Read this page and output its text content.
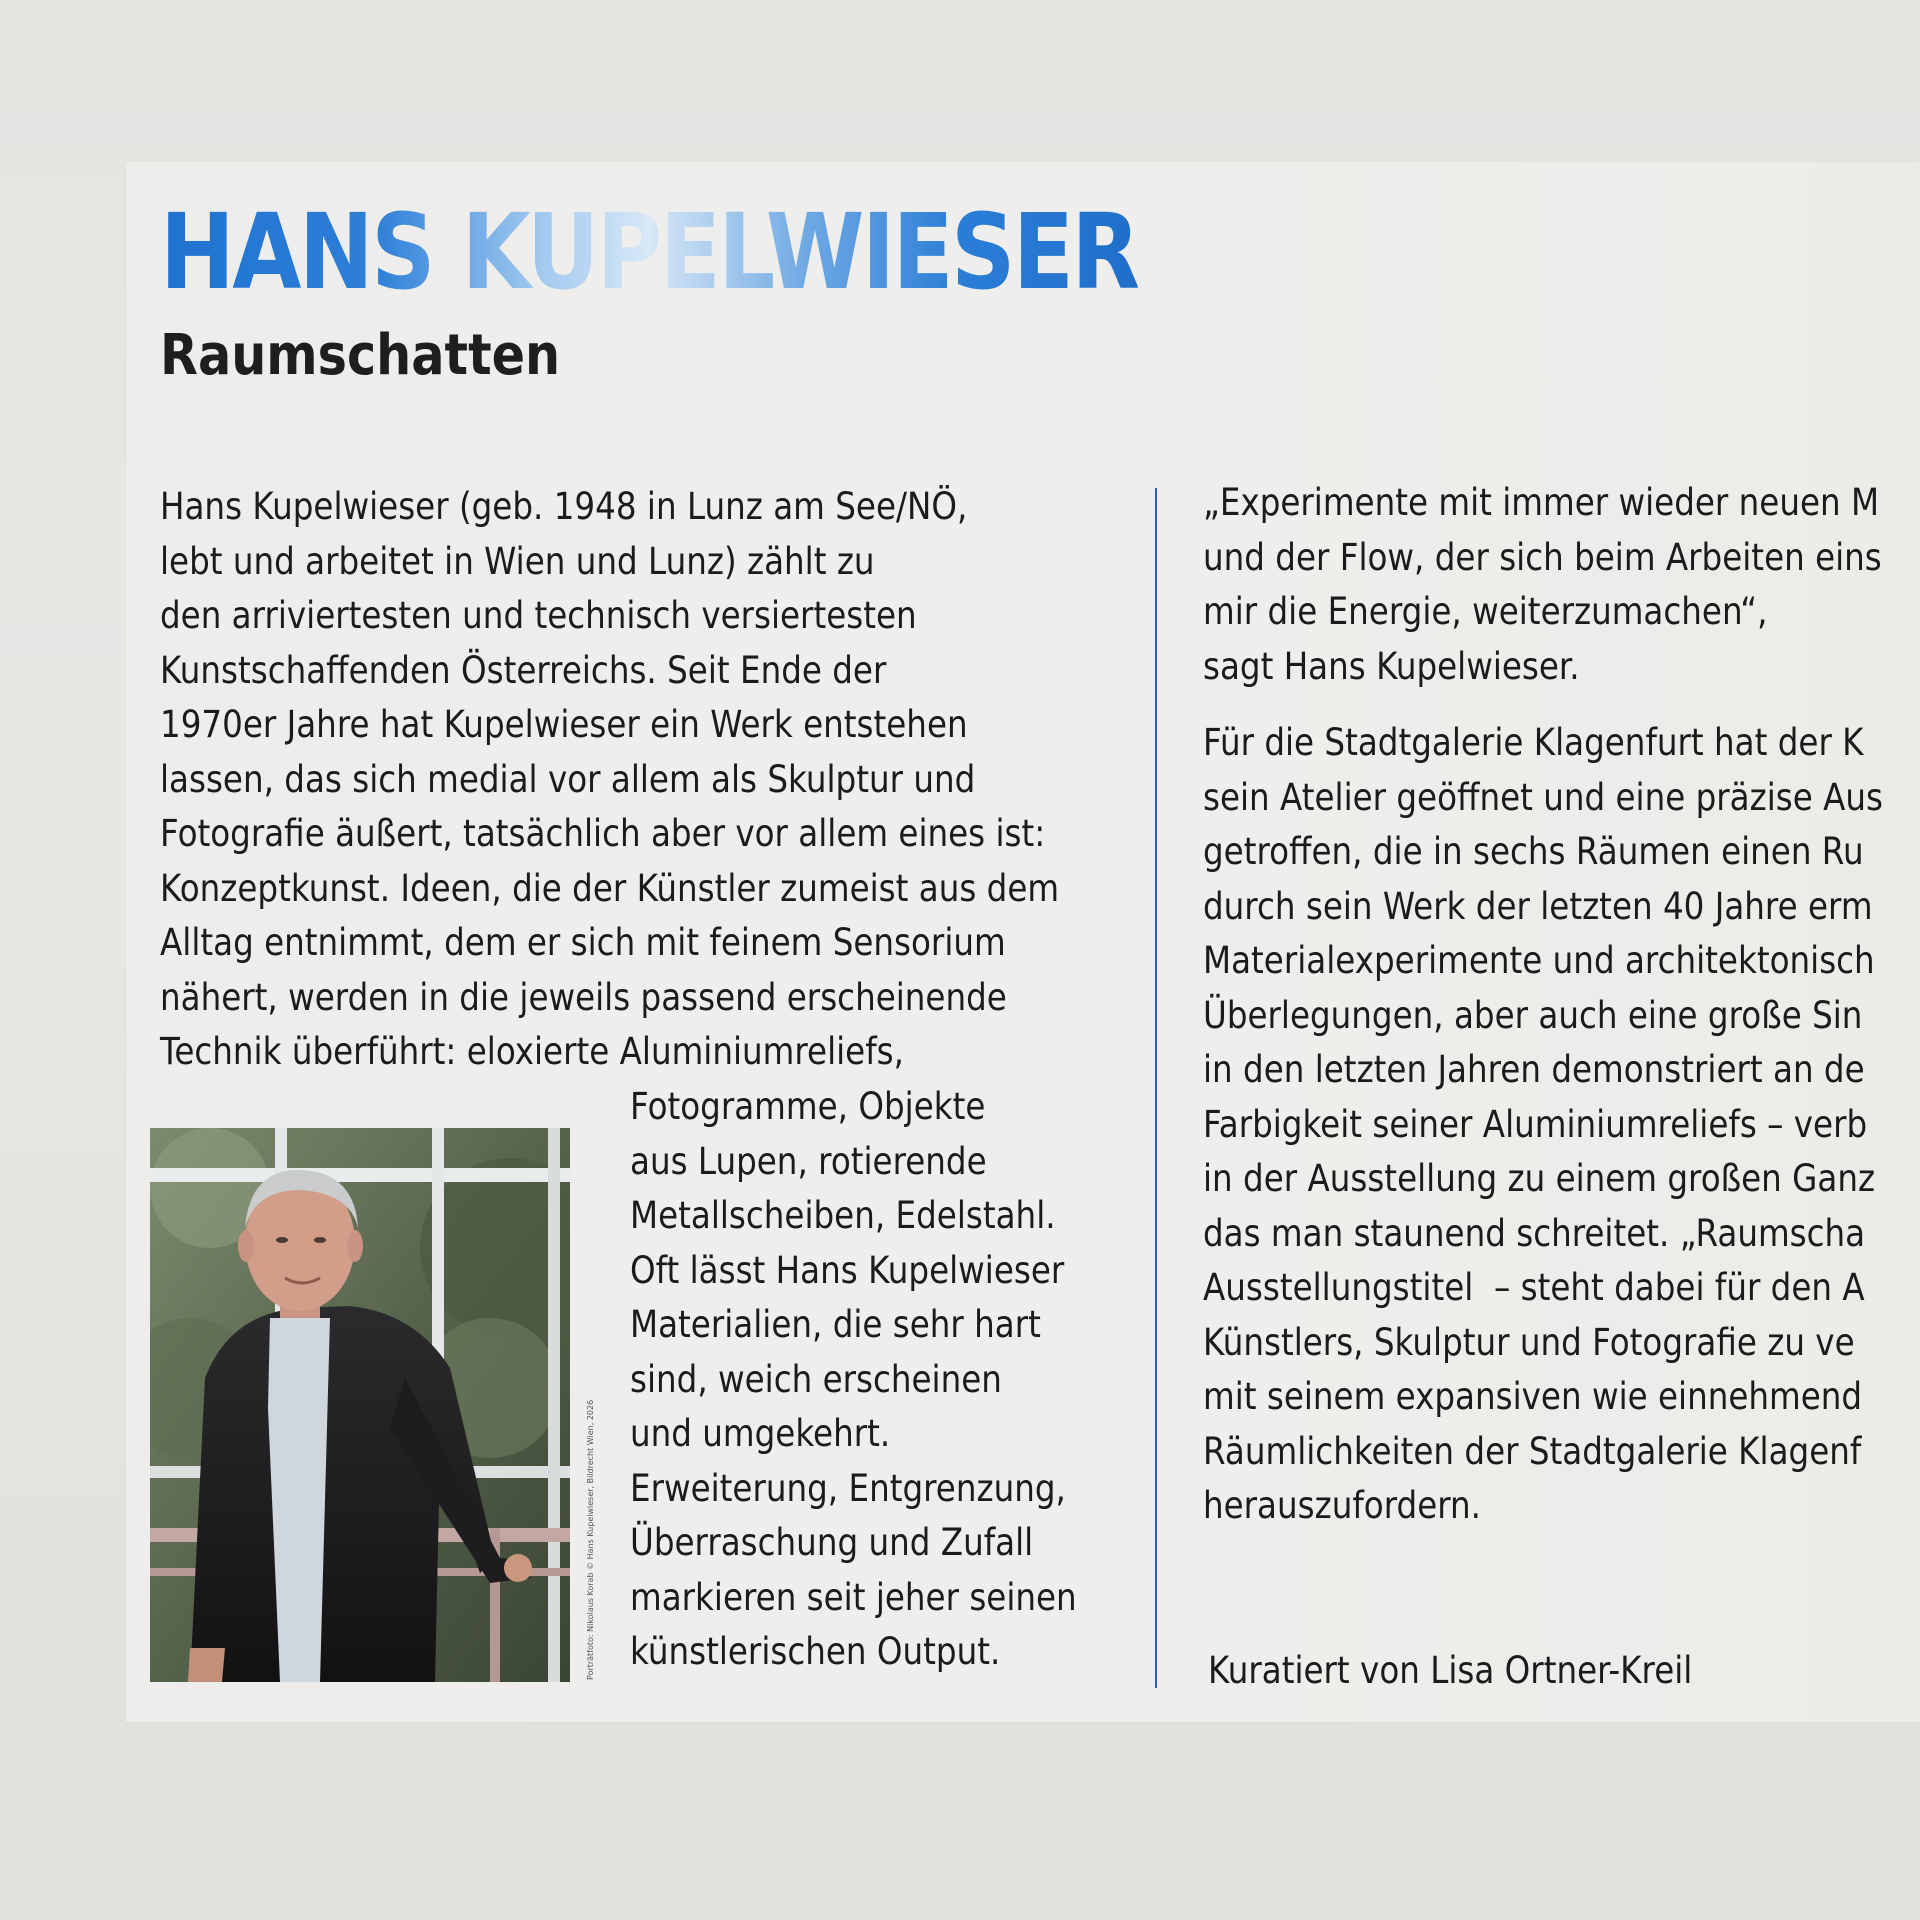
HANS KUPELWIESER
Raumschatten

Hans Kupelwieser (geb. 1948 in Lunz am See/NÖ,
lebt und arbeitet in Wien und Lunz) zählt zu
den arriviertesten und technisch versiertesten
Kunstschaffenden Österreichs. Seit Ende der
1970er Jahre hat Kupelwieser ein Werk entstehen
lassen, das sich medial vor allem als Skulptur und
Fotografie äußert, tatsächlich aber vor allem eines ist:
Konzeptkunst. Ideen, die der Künstler zumeist aus dem
Alltag entnimmt, dem er sich mit feinem Sensorium
nähert, werden in die jeweils passend erscheinende
Technik überführt: eloxierte Aluminiumreliefs,

Porträtfoto: Nikolaus Korab © Hans Kupelwieser, Bildrecht Wien, 2026

Fotogramme, Objekte
aus Lupen, rotierende
Metallscheiben, Edelstahl.
Oft lässt Hans Kupelwieser
Materialien, die sehr hart
sind, weich erscheinen
und umgekehrt.
Erweiterung, Entgrenzung,
Überraschung und Zufall
markieren seit jeher seinen
künstlerischen Output.

„Experimente mit immer wieder neuen M
und der Flow, der sich beim Arbeiten eins
mir die Energie, weiterzumachen“,
sagt Hans Kupelwieser.

Für die Stadtgalerie Klagenfurt hat der K
sein Atelier geöffnet und eine präzise Aus
getroffen, die in sechs Räumen einen Ru
durch sein Werk der letzten 40 Jahre erm
Materialexperimente und architektonisch
Überlegungen, aber auch eine große Sin
in den letzten Jahren demonstriert an de
Farbigkeit seiner Aluminiumreliefs – verb
in der Ausstellung zu einem großen Ganz
das man staunend schreitet. „Raumscha
Ausstellungstitel  – steht dabei für den A
Künstlers, Skulptur und Fotografie zu ve
mit seinem expansiven wie einnehmend
Räumlichkeiten der Stadtgalerie Klagenf
herauszufordern.

Kuratiert von Lisa Ortner-Kreil
